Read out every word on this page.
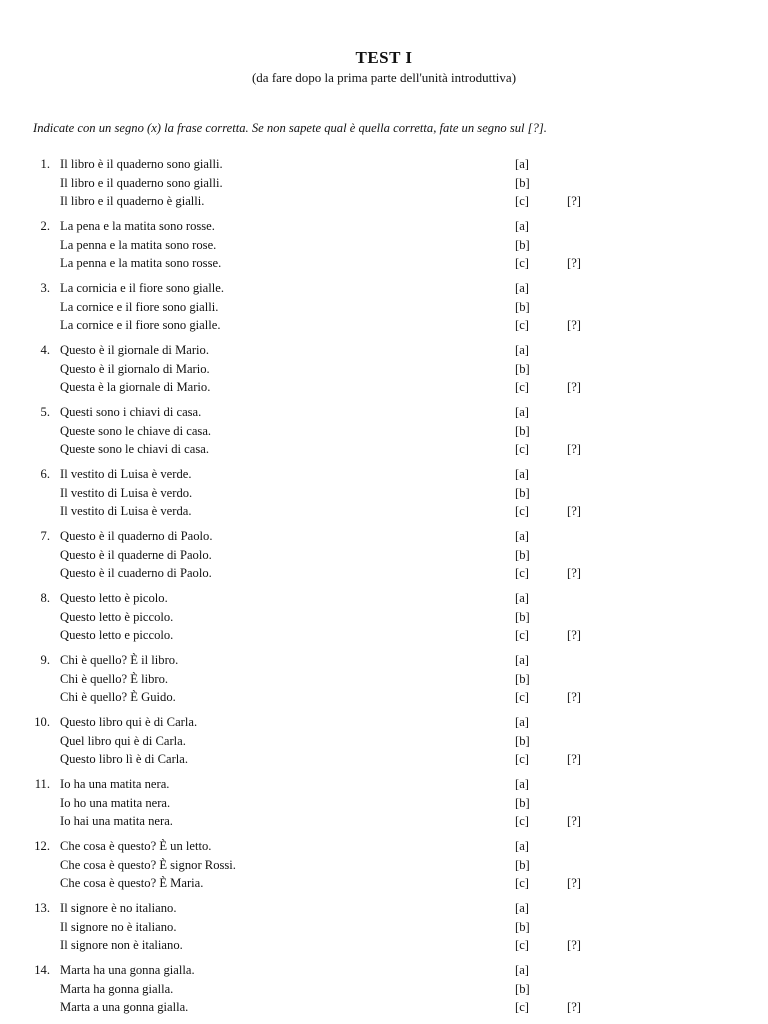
TEST I
(da fare dopo la prima parte dell'unità introduttiva)
Indicate con un segno (x) la frase corretta. Se non sapete qual è quella corretta, fate un segno sul [?].
1. Il libro è il quaderno sono gialli.	[a]
Il libro e il quaderno sono gialli.	[b]
Il libro e il quaderno è gialli.	[c]	[?]
2. La pena e la matita sono rosse.	[a]
La penna e la matita sono rose.	[b]
La penna e la matita sono rosse.	[c]	[?]
3. La cornicia e il fiore sono gialle.	[a]
La cornice e il fiore sono gialli.	[b]
La cornice e il fiore sono gialle.	[c]	[?]
4. Questo è il giornale di Mario.	[a]
Questo è il giornalo di Mario.	[b]
Questa è la giornale di Mario.	[c]	[?]
5. Questi sono i chiavi di casa.	[a]
Queste sono le chiave di casa.	[b]
Queste sono le chiavi di casa.	[c]	[?]
6. Il vestito di Luisa è verde.	[a]
Il vestito di Luisa è verdo.	[b]
Il vestito di Luisa è verda.	[c]	[?]
7. Questo è il quaderno di Paolo.	[a]
Questo è il quaderne di Paolo.	[b]
Questo è il cuaderno di Paolo.	[c]	[?]
8. Questo letto è picolo.	[a]
Questo letto è piccolo.	[b]
Questo letto e piccolo.	[c]	[?]
9. Chi è quello? È il libro.	[a]
Chi è quello? È libro.	[b]
Chi è quello? È Guido.	[c]	[?]
10. Questo libro qui è di Carla.	[a]
Quel libro qui è di Carla.	[b]
Questo libro lì è di Carla.	[c]	[?]
11. Io ha una matita nera.	[a]
Io ho una matita nera.	[b]
Io hai una matita nera.	[c]	[?]
12. Che cosa è questo? È un letto.	[a]
Che cosa è questo? È signor Rossi.	[b]
Che cosa è questo? È Maria.	[c]	[?]
13. Il signore è no italiano.	[a]
Il signore no è italiano.	[b]
Il signore non è italiano.	[c]	[?]
14. Marta ha una gonna gialla.	[a]
Marta ha gonna gialla.	[b]
Marta a una gonna gialla.	[c]	[?]
